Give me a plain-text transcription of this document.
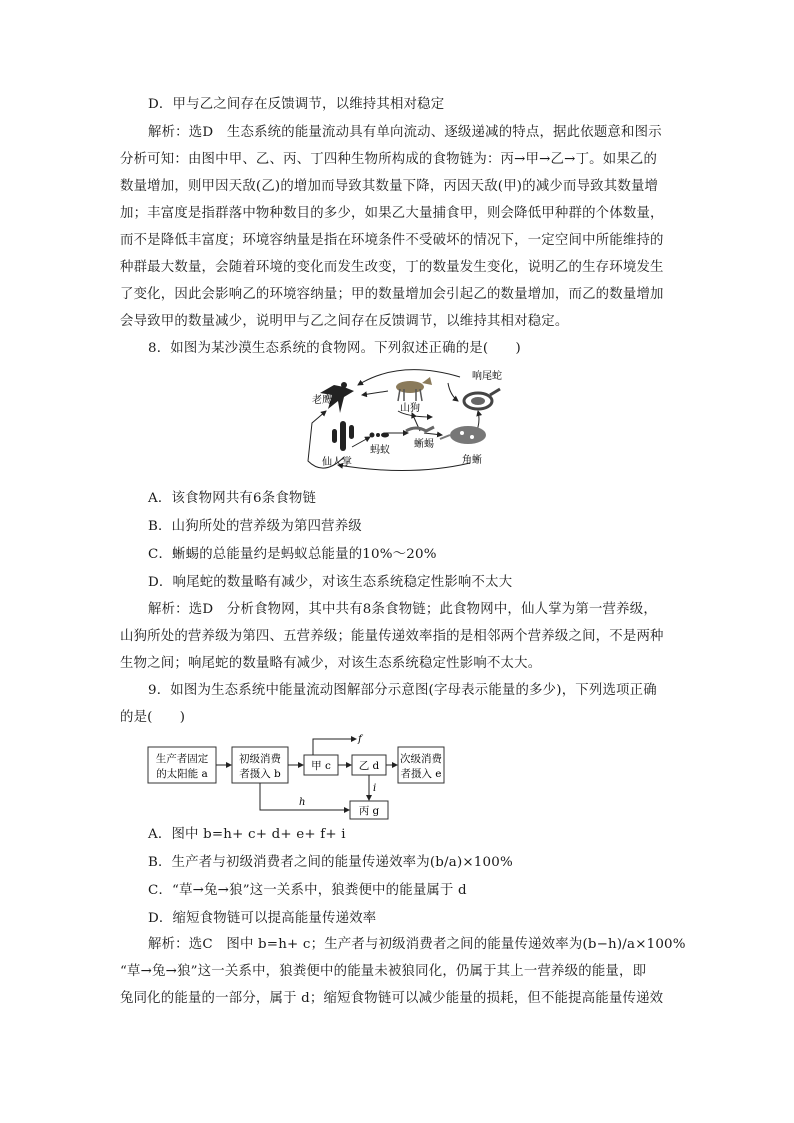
D．甲与乙之间存在反馈调节，以维持其相对稳定
解析：选D　生态系统的能量流动具有单向流动、逐级递减的特点，据此依题意和图示
分析可知：由图中甲、乙、丙、丁四种生物所构成的食物链为：丙→甲→乙→丁。如果乙的
数量增加，则甲因天敌(乙)的增加而导致其数量下降，丙因天敌(甲)的减少而导致其数量增
加；丰富度是指群落中物种数目的多少，如果乙大量捕食甲，则会降低甲种群的个体数量，
而不是降低丰富度；环境容纳量是指在环境条件不受破坏的情况下，一定空间中所能维持的
种群最大数量，会随着环境的变化而发生改变，丁的数量发生变化，说明乙的生存环境发生
了变化，因此会影响乙的环境容纳量；甲的数量增加会引起乙的数量增加，而乙的数量增加
会导致甲的数量减少，说明甲与乙之间存在反馈调节，以维持其相对稳定。
8．如图为某沙漠生态系统的食物网。下列叙述正确的是(　　)
老鹰
山狗
响尾蛇
仙人掌
蚂蚁
蜥蜴
角蜥
A．该食物网共有6条食物链
B．山狗所处的营养级为第四营养级
C．蜥蜴的总能量约是蚂蚁总能量的10%～20%
D．响尾蛇的数量略有减少，对该生态系统稳定性影响不太大
解析：选D　分析食物网，其中共有8条食物链；此食物网中，仙人掌为第一营养级，
山狗所处的营养级为第四、五营养级；能量传递效率指的是相邻两个营养级之间，不是两种
生物之间；响尾蛇的数量略有减少，对该生态系统稳定性影响不太大。
9．如图为生态系统中能量流动图解部分示意图(字母表示能量的多少)，下列选项正确
的是(　　)
生产者固定
的太阳能 a
初级消费
者摄入 b
甲 c	乙 d
次级消费
者摄入 e
丙 g
f
h
i
A．图中 b=h+ c+ d+ e+ f+ i
B．生产者与初级消费者之间的能量传递效率为(b/a)×100%
C．“草→兔→狼”这一关系中，狼粪便中的能量属于 d
D．缩短食物链可以提高能量传递效率
解析：选C　图中 b=h+ c；生产者与初级消费者之间的能量传递效率为(b−h)/a×100%
“草→兔→狼”这一关系中，狼粪便中的能量未被狼同化，仍属于其上一营养级的能量，即
兔同化的能量的一部分，属于 d；缩短食物链可以减少能量的损耗，但不能提高能量传递效
